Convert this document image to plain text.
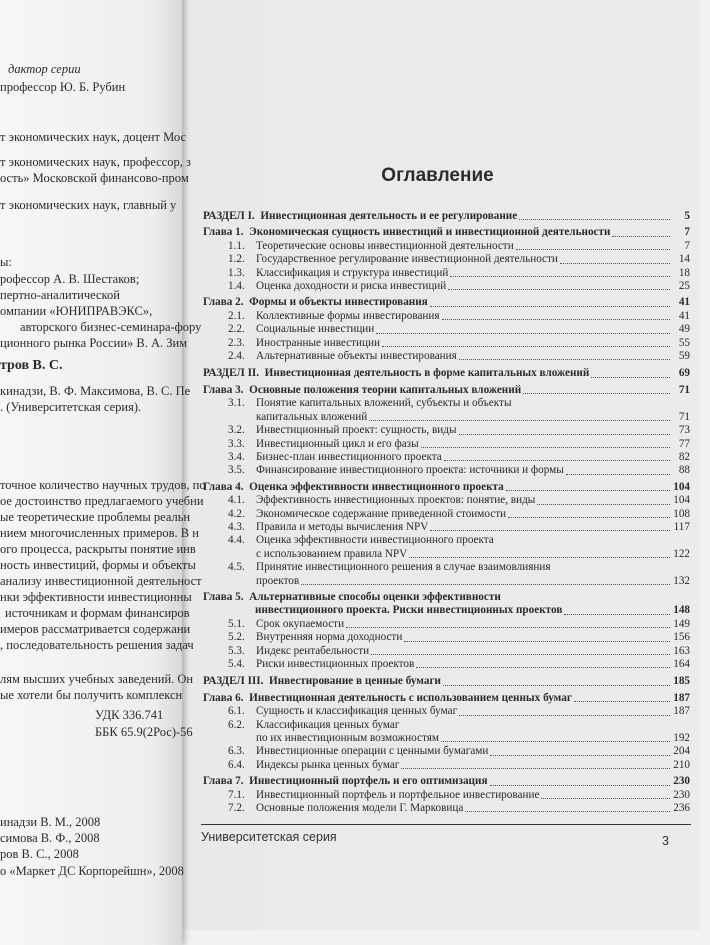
Оглавление
РАЗДЕЛ I. Инвестиционная деятельность и ее регулирование	5
Глава 1. Экономическая сущность инвестиций и инвестиционной деятельности	7
1.1.	Теоретические основы инвестиционной деятельности	7
1.2.	Государственное регулирование инвестиционной деятельности	14
1.3.	Классификация и структура инвестиций	18
1.4.	Оценка доходности и риска инвестиций	25
Глава 2. Формы и объекты инвестирования	41
2.1.	Коллективные формы инвестирования	41
2.2.	Социальные инвестиции	49
2.3.	Иностранные инвестиции	55
2.4.	Альтернативные объекты инвестирования	59
РАЗДЕЛ II. Инвестиционная деятельность в форме капитальных вложений	69
Глава 3. Основные положения теории капитальных вложений	71
3.1.	Понятие капитальных вложений, субъекты и объекты
капитальных вложений	71
3.2.	Инвестиционный проект: сущность, виды	73
3.3.	Инвестиционный цикл и его фазы	77
3.4.	Бизнес-план инвестиционного проекта	82
3.5.	Финансирование инвестиционного проекта: источники и формы	88
Глава 4. Оценка эффективности инвестиционного проекта	104
4.1.	Эффективность инвестиционных проектов: понятие, виды	104
4.2.	Экономическое содержание приведенной стоимости	108
4.3.	Правила и методы вычисления NPV	117
4.4.	Оценка эффективности инвестиционного проекта
с использованием правила NPV	122
4.5.	Принятие инвестиционного решения в случае взаимовлияния
проектов	132
Глава 5. Альтернативные способы оценки эффективности
инвестиционного проекта. Риски инвестиционных проектов	148
5.1.	Срок окупаемости	149
5.2.	Внутренняя норма доходности	156
5.3.	Индекс рентабельности	163
5.4.	Риски инвестиционных проектов	164
РАЗДЕЛ III. Инвестирование в ценные бумаги	185
Глава 6. Инвестиционная деятельность с использованием ценных бумаг	187
6.1.	Сущность и классификация ценных бумаг	187
6.2.	Классификация ценных бумаг
по их инвестиционным возможностям	192
6.3.	Инвестиционные операции с ценными бумагами	204
6.4.	Индексы рынка ценных бумаг	210
Глава 7. Инвестиционный портфель и его оптимизация	230
7.1.	Инвестиционный портфель и портфельное инвестирование	230
7.2.	Основные положения модели Г. Марковица	236
Университетская серия	3
дактор серии
профессор Ю. Б. Рубин
т экономических наук, доцент Мос
т экономических наук, профессор, з
ость» Московской финансово-пром
т экономических наук, главный у
ы:
рофессор А. В. Шестаков;
пертно-аналитической
омпании «ЮНИПРАВЭКС»,
авторского бизнес-семинара-фору
ционного рынка России» В. А. Зим
тров В. С.
кинадзи, В. Ф. Максимова, В. С. Пе
. (Университетская серия).
точное количество научных трудов, по
ое достоинство предлагаемого учебни
ые теоретические проблемы реальн
нием многочисленных примеров. В н
ого процесса, раскрыты понятие инв
ность инвестиций, формы и объекты
анализу инвестиционной деятельност
нки эффективности инвестиционны
источникам и формам финансиров
имеров рассматривается содержани
, последовательность решения задач
лям высших учебных заведений. Он
ые хотели бы получить комплексн
УДК 336.741
ББК 65.9(2Рос)-56
инадзи В. М., 2008
симова В. Ф., 2008
ров В. С., 2008
о «Маркет ДС Корпорейшн», 2008
